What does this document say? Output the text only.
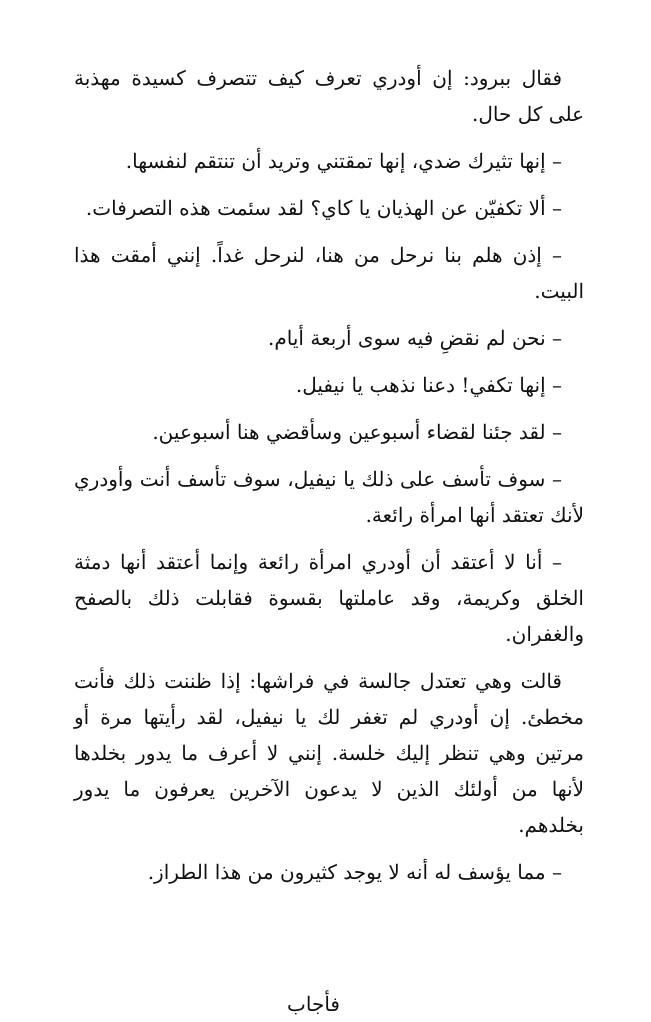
فقال ببرود: إن أودري تعرف كيف تتصرف كسيدة مهذبة على كل حال.

– إنها تثيرك ضدي، إنها تمقتني وتريد أن تنتقم لنفسها.

– ألا تكفيّن عن الهذيان يا كاي؟ لقد سئمت هذه التصرفات.

– إذن هلم بنا نرحل من هنا، لنرحل غداً. إنني أمقت هذا البيت.

– نحن لم نقضِ فيه سوى أربعة أيام.

– إنها تكفي! دعنا نذهب يا نيفيل.

– لقد جئنا لقضاء أسبوعين وسأقضي هنا أسبوعين.

– سوف تأسف على ذلك يا نيفيل، سوف تأسف أنت وأودري لأنك تعتقد أنها امرأة رائعة.

– أنا لا أعتقد أن أودري امرأة رائعة وإنما أعتقد أنها دمثة الخلق وكريمة، وقد عاملتها بقسوة فقابلت ذلك بالصفح والغفران.

قالت وهي تعتدل جالسة في فراشها: إذا ظننت ذلك فأنت مخطئ. إن أودري لم تغفر لك يا نيفيل، لقد رأيتها مرة أو مرتين وهي تنظر إليك خلسة. إنني لا أعرف ما يدور بخلدها لأنها من أولئك الذين لا يدعون الآخرين يعرفون ما يدور بخلدهم.

– مما يؤسف له أنه لا يوجد كثيرون من هذا الطراز.

فأجاب
